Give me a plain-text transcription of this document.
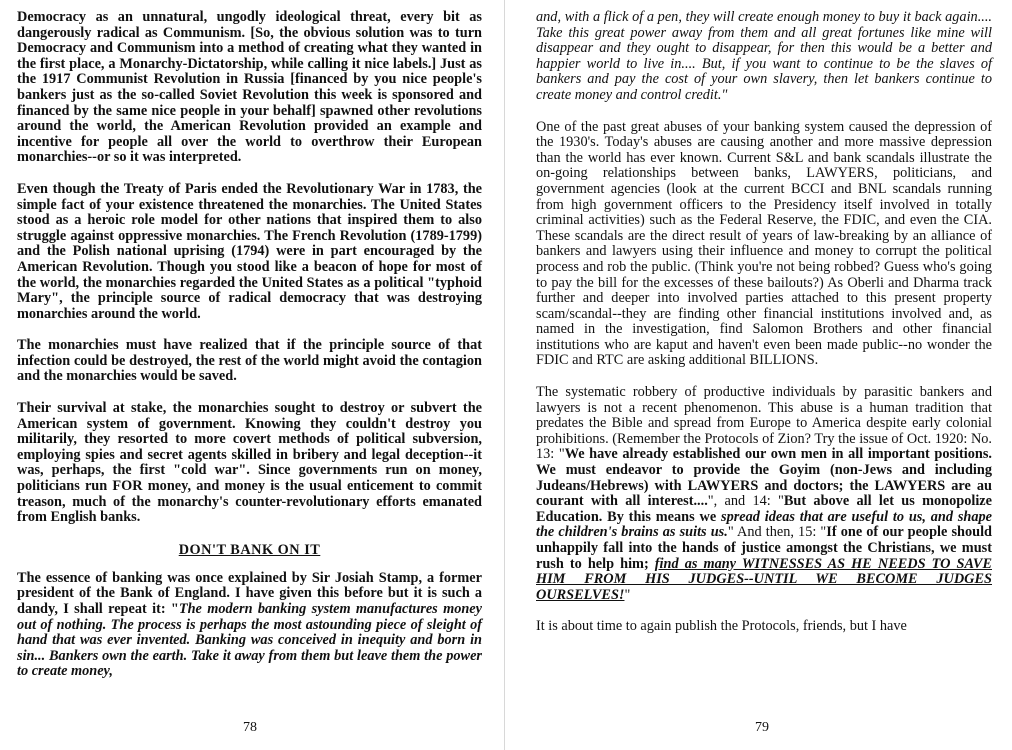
Democracy as an unnatural, ungodly ideological threat, every bit as dangerously radical as Communism. [So, the obvious solution was to turn Democracy and Communism into a method of creating what they wanted in the first place, a Monarchy-Dictatorship, while calling it nice labels.] Just as the 1917 Communist Revolution in Russia [financed by you nice people's bankers just as the so-called Soviet Revolution this week is sponsored and financed by the same nice people in your behalf] spawned other revolutions around the world, the American Revolution provided an example and incentive for people all over the world to overthrow their European monarchies--or so it was interpreted.

Even though the Treaty of Paris ended the Revolutionary War in 1783, the simple fact of your existence threatened the monarchies. The United States stood as a heroic role model for other nations that inspired them to also struggle against oppressive monarchies. The French Revolution (1789-1799) and the Polish national uprising (1794) were in part encouraged by the American Revolution. Though you stood like a beacon of hope for most of the world, the monarchies regarded the United States as a political "typhoid Mary", the principle source of radical democracy that was destroying monarchies around the world.

The monarchies must have realized that if the principle source of that infection could be destroyed, the rest of the world might avoid the contagion and the monarchies would be saved.

Their survival at stake, the monarchies sought to destroy or subvert the American system of government. Knowing they couldn't destroy you militarily, they resorted to more covert methods of political subversion, employing spies and secret agents skilled in bribery and legal deception--it was, perhaps, the first "cold war". Since governments run on money, politicians run FOR money, and money is the usual enticement to commit treason, much of the monarchy's counter-revolutionary efforts emanated from English banks.

DON'T BANK ON IT

The essence of banking was once explained by Sir Josiah Stamp, a former president of the Bank of England. I have given this before but it is such a dandy, I shall repeat it: "The modern banking system manufactures money out of nothing. The process is perhaps the most astounding piece of sleight of hand that was ever invented. Banking was conceived in inequity and born in sin... Bankers own the earth. Take it away from them but leave them the power to create money,

78

and, with a flick of a pen, they will create enough money to buy it back again.... Take this great power away from them and all great fortunes like mine will disappear and they ought to disappear, for then this would be a better and happier world to live in.... But, if you want to continue to be the slaves of bankers and pay the cost of your own slavery, then let bankers continue to create money and control credit."

One of the past great abuses of your banking system caused the depression of the 1930's. Today's abuses are causing another and more massive depression than the world has ever known. Current S&L and bank scandals illustrate the on-going relationships between banks, LAWYERS, politicians, and government agencies (look at the current BCCI and BNL scandals running from high government officers to the Presidency itself involved in totally criminal activities) such as the Federal Reserve, the FDIC, and even the CIA. These scandals are the direct result of years of law-breaking by an alliance of bankers and lawyers using their influence and money to corrupt the political process and rob the public. (Think you're not being robbed? Guess who's going to pay the bill for the excesses of these bailouts?) As Oberli and Dharma track further and deeper into involved parties attached to this present property scam/scandal--they are finding other financial institutions involved and, as named in the investigation, find Salomon Brothers and other financial institutions who are kaput and haven't even been made public--no wonder the FDIC and RTC are asking additional BILLIONS.

The systematic robbery of productive individuals by parasitic bankers and lawyers is not a recent phenomenon. This abuse is a human tradition that predates the Bible and spread from Europe to America despite early colonial prohibitions. (Remember the Protocols of Zion? Try the issue of Oct. 1920: No. 13: "We have already established our own men in all important positions. We must endeavor to provide the Goyim (non-Jews and including Judeans/Hebrews) with LAWYERS and doctors; the LAWYERS are au courant with all interest....", and 14: "But above all let us monopolize Education. By this means we spread ideas that are useful to us, and shape the children's brains as suits us." And then, 15: "If one of our people should unhappily fall into the hands of justice amongst the Christians, we must rush to help him; find as many WITNESSES AS HE NEEDS TO SAVE HIM FROM HIS JUDGES--UNTIL WE BECOME JUDGES OURSELVES!"

It is about time to again publish the Protocols, friends, but I have

79
